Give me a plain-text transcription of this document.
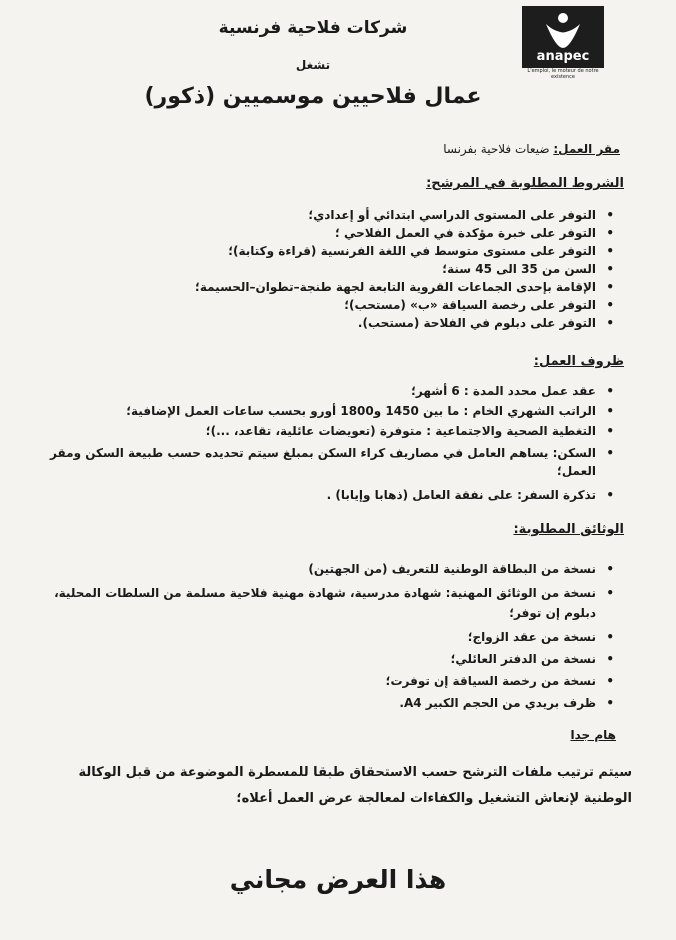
anapec
L'emploi, le moteur de notre existence
شركات فلاحية فرنسية
تشغل
عمال فلاحيين موسميين (ذكور)
مقر العمل: ضيعات فلاحية بفرنسا
الشروط المطلوبة في المرشح:
• التوفر على المستوى الدراسي ابتدائي أو إعدادي؛
• التوفر على خبرة مؤكدة في العمل الفلاحي ؛
• التوفر على مستوى متوسط في اللغة الفرنسية (قراءة وكتابة)؛
• السن من 35 الى 45 سنة؛
• الإقامة بإحدى الجماعات القروية التابعة لجهة طنجة–تطوان–الحسيمة؛
• التوفر على رخصة السياقة «ب» (مستحب)؛
• التوفر على دبلوم في الفلاحة (مستحب).
ظروف العمل:
• عقد عمل محدد المدة : 6 أشهر؛
• الراتب الشهري الخام : ما بين 1450 و1800 أورو بحسب ساعات العمل الإضافية؛
• التغطية الصحية والاجتماعية : متوفرة (تعويضات عائلية، تقاعد، ...)؛
• السكن: يساهم العامل في مصاريف كراء السكن بمبلغ سيتم تحديده حسب طبيعة السكن ومقر العمل؛
• تذكرة السفر: على نفقة العامل (ذهابا وإيابا) .
الوثائق المطلوبة:
• نسخة من البطاقة الوطنية للتعريف (من الجهتين)
• نسخة من الوثائق المهنية: شهادة مدرسية، شهادة مهنية فلاحية مسلمة من السلطات المحلية، دبلوم إن توفر؛
• نسخة من عقد الزواج؛
• نسخة من الدفتر العائلي؛
• نسخة من رخصة السياقة إن توفرت؛
• ظرف بريدي من الحجم الكبير A4.
هام جدا
سيتم ترتيب ملفات الترشح حسب الاستحقاق طبقا للمسطرة الموضوعة من قبل الوكالة الوطنية لإنعاش التشغيل والكفاءات لمعالجة عرض العمل أعلاه؛
هذا العرض مجاني
